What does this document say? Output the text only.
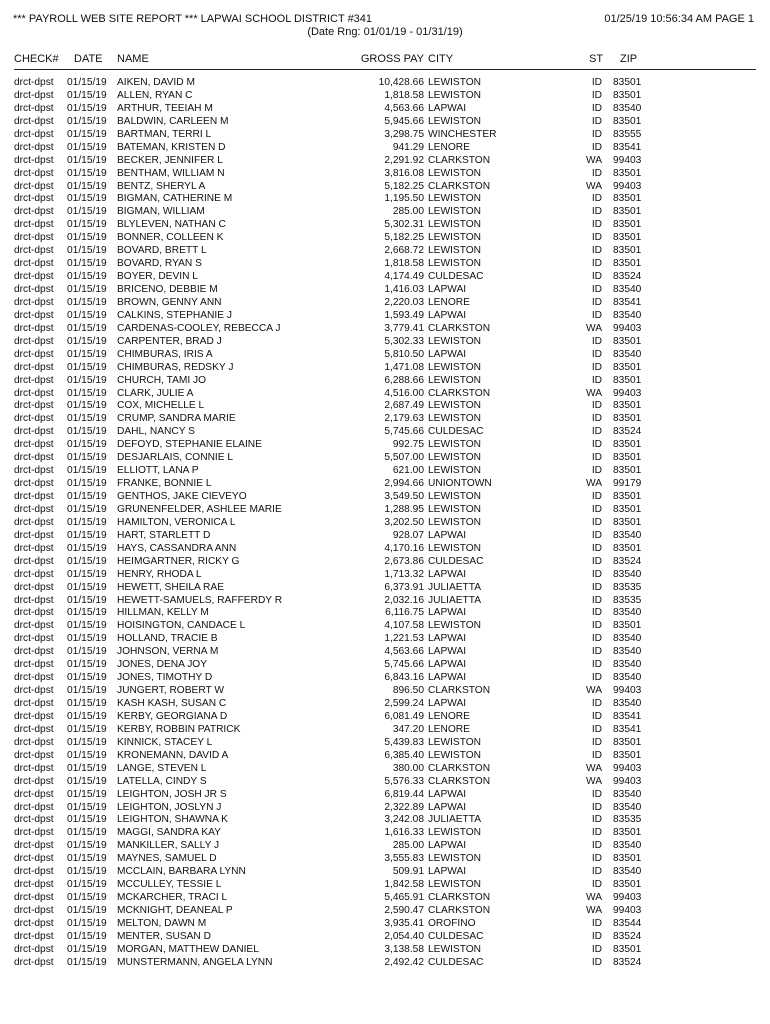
*** PAYROLL WEB SITE REPORT *** LAPWAI SCHOOL DISTRICT #341	01/25/19 10:56:34 AM PAGE 1
(Date Rng: 01/01/19 - 01/31/19)
CHECK# DATE NAME	GROSS PAY CITY	ST ZIP
drct-dpst 01/15/19 AIKEN, DAVID M	10,428.66 LEWISTON	ID 83501
drct-dpst 01/15/19 ALLEN, RYAN C	1,818.58 LEWISTON	ID 83501
drct-dpst 01/15/19 ARTHUR, TEEIAH M	4,563.66 LAPWAI	ID 83540
drct-dpst 01/15/19 BALDWIN, CARLEEN M	5,945.66 LEWISTON	ID 83501
drct-dpst 01/15/19 BARTMAN, TERRI L	3,298.75 WINCHESTER	ID 83555
drct-dpst 01/15/19 BATEMAN, KRISTEN D	941.29 LENORE	ID 83541
drct-dpst 01/15/19 BECKER, JENNIFER L	2,291.92 CLARKSTON	WA 99403
drct-dpst 01/15/19 BENTHAM, WILLIAM N	3,816.08 LEWISTON	ID 83501
drct-dpst 01/15/19 BENTZ, SHERYL A	5,182.25 CLARKSTON	WA 99403
drct-dpst 01/15/19 BIGMAN, CATHERINE M	1,195.50 LEWISTON	ID 83501
drct-dpst 01/15/19 BIGMAN, WILLIAM	285.00 LEWISTON	ID 83501
drct-dpst 01/15/19 BLYLEVEN, NATHAN C	5,302.31 LEWISTON	ID 83501
drct-dpst 01/15/19 BONNER, COLLEEN K	5,182.25 LEWISTON	ID 83501
drct-dpst 01/15/19 BOVARD, BRETT L	2,668.72 LEWISTON	ID 83501
drct-dpst 01/15/19 BOVARD, RYAN S	1,818.58 LEWISTON	ID 83501
drct-dpst 01/15/19 BOYER, DEVIN L	4,174.49 CULDESAC	ID 83524
drct-dpst 01/15/19 BRICENO, DEBBIE M	1,416.03 LAPWAI	ID 83540
drct-dpst 01/15/19 BROWN, GENNY ANN	2,220.03 LENORE	ID 83541
drct-dpst 01/15/19 CALKINS, STEPHANIE J	1,593.49 LAPWAI	ID 83540
drct-dpst 01/15/19 CARDENAS-COOLEY, REBECCA J	3,779.41 CLARKSTON	WA 99403
drct-dpst 01/15/19 CARPENTER, BRAD J	5,302.33 LEWISTON	ID 83501
drct-dpst 01/15/19 CHIMBURAS, IRIS A	5,810.50 LAPWAI	ID 83540
drct-dpst 01/15/19 CHIMBURAS, REDSKY J	1,471.08 LEWISTON	ID 83501
drct-dpst 01/15/19 CHURCH, TAMI JO	6,288.66 LEWISTON	ID 83501
drct-dpst 01/15/19 CLARK, JULIE A	4,516.00 CLARKSTON	WA 99403
drct-dpst 01/15/19 COX, MICHELLE L	2,687.49 LEWISTON	ID 83501
drct-dpst 01/15/19 CRUMP, SANDRA MARIE	2,179.63 LEWISTON	ID 83501
drct-dpst 01/15/19 DAHL, NANCY S	5,745.66 CULDESAC	ID 83524
drct-dpst 01/15/19 DEFOYD, STEPHANIE ELAINE	992.75 LEWISTON	ID 83501
drct-dpst 01/15/19 DESJARLAIS, CONNIE L	5,507.00 LEWISTON	ID 83501
drct-dpst 01/15/19 ELLIOTT, LANA P	621.00 LEWISTON	ID 83501
drct-dpst 01/15/19 FRANKE, BONNIE L	2,994.66 UNIONTOWN	WA 99179
drct-dpst 01/15/19 GENTHOS, JAKE CIEVEYO	3,549.50 LEWISTON	ID 83501
drct-dpst 01/15/19 GRUNENFELDER, ASHLEE MARIE	1,288.95 LEWISTON	ID 83501
drct-dpst 01/15/19 HAMILTON, VERONICA L	3,202.50 LEWISTON	ID 83501
drct-dpst 01/15/19 HART, STARLETT D	928.07 LAPWAI	ID 83540
drct-dpst 01/15/19 HAYS, CASSANDRA ANN	4,170.16 LEWISTON	ID 83501
drct-dpst 01/15/19 HEIMGARTNER, RICKY G	2,673.86 CULDESAC	ID 83524
drct-dpst 01/15/19 HENRY, RHODA L	1,713.32 LAPWAI	ID 83540
drct-dpst 01/15/19 HEWETT, SHEILA RAE	6,373.91 JULIAETTA	ID 83535
drct-dpst 01/15/19 HEWETT-SAMUELS, RAFFERDY R	2,032.16 JULIAETTA	ID 83535
drct-dpst 01/15/19 HILLMAN, KELLY M	6,116.75 LAPWAI	ID 83540
drct-dpst 01/15/19 HOISINGTON, CANDACE L	4,107.58 LEWISTON	ID 83501
drct-dpst 01/15/19 HOLLAND, TRACIE B	1,221.53 LAPWAI	ID 83540
drct-dpst 01/15/19 JOHNSON, VERNA M	4,563.66 LAPWAI	ID 83540
drct-dpst 01/15/19 JONES, DENA JOY	5,745.66 LAPWAI	ID 83540
drct-dpst 01/15/19 JONES, TIMOTHY D	6,843.16 LAPWAI	ID 83540
drct-dpst 01/15/19 JUNGERT, ROBERT W	896.50 CLARKSTON	WA 99403
drct-dpst 01/15/19 KASH KASH, SUSAN C	2,599.24 LAPWAI	ID 83540
drct-dpst 01/15/19 KERBY, GEORGIANA D	6,081.49 LENORE	ID 83541
drct-dpst 01/15/19 KERBY, ROBBIN PATRICK	347.20 LENORE	ID 83541
drct-dpst 01/15/19 KINNICK, STACEY L	5,439.83 LEWISTON	ID 83501
drct-dpst 01/15/19 KRONEMANN, DAVID A	6,385.40 LEWISTON	ID 83501
drct-dpst 01/15/19 LANGE, STEVEN L	380.00 CLARKSTON	WA 99403
drct-dpst 01/15/19 LATELLA, CINDY S	5,576.33 CLARKSTON	WA 99403
drct-dpst 01/15/19 LEIGHTON, JOSH JR S	6,819.44 LAPWAI	ID 83540
drct-dpst 01/15/19 LEIGHTON, JOSLYN J	2,322.89 LAPWAI	ID 83540
drct-dpst 01/15/19 LEIGHTON, SHAWNA K	3,242.08 JULIAETTA	ID 83535
drct-dpst 01/15/19 MAGGI, SANDRA KAY	1,616.33 LEWISTON	ID 83501
drct-dpst 01/15/19 MANKILLER, SALLY J	285.00 LAPWAI	ID 83540
drct-dpst 01/15/19 MAYNES, SAMUEL D	3,555.83 LEWISTON	ID 83501
drct-dpst 01/15/19 MCCLAIN, BARBARA LYNN	509.91 LAPWAI	ID 83540
drct-dpst 01/15/19 MCCULLEY, TESSIE L	1,842.58 LEWISTON	ID 83501
drct-dpst 01/15/19 MCKARCHER, TRACI L	5,465.91 CLARKSTON	WA 99403
drct-dpst 01/15/19 MCKNIGHT, DEANEAL P	2,590.47 CLARKSTON	WA 99403
drct-dpst 01/15/19 MELTON, DAWN M	3,935.41 OROFINO	ID 83544
drct-dpst 01/15/19 MENTER, SUSAN D	2,054.40 CULDESAC	ID 83524
drct-dpst 01/15/19 MORGAN, MATTHEW DANIEL	3,138.58 LEWISTON	ID 83501
drct-dpst 01/15/19 MUNSTERMANN, ANGELA LYNN	2,492.42 CULDESAC	ID 83524
